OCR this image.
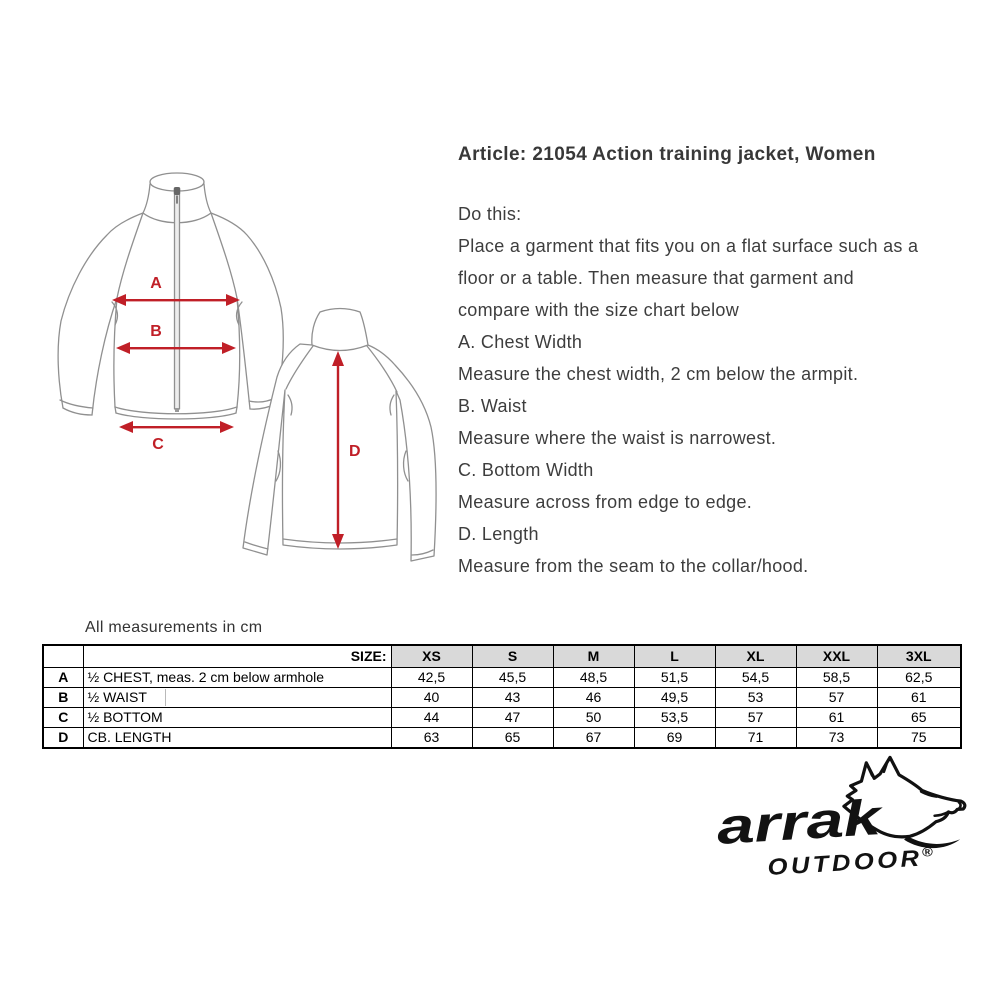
A
B
C	D
Article: 21054 Action training jacket, Women
Do this:
Place a garment that fits you on a flat surface such as a
floor or a table. Then measure that garment and
compare with the size chart below
A. Chest Width
Measure the chest width, 2 cm below the armpit.
B. Waist
Measure where the waist is narrowest.
C. Bottom Width
Measure across from edge to edge.
D. Length
Measure from the seam to the collar/hood.
All measurements in cm
	SIZE:	XS	S	M	L	XL	XXL	3XL
A	½ CHEST, meas. 2 cm below armhole	42,5	45,5	48,5	51,5	54,5	58,5	62,5
B	½ WAIST	40	43	46	49,5	53	57	61
C	½ BOTTOM	44	47	50	53,5	57	61	65
D	CB. LENGTH	63	65	67	69	71	73	75
arrak
OUTDOOR®
